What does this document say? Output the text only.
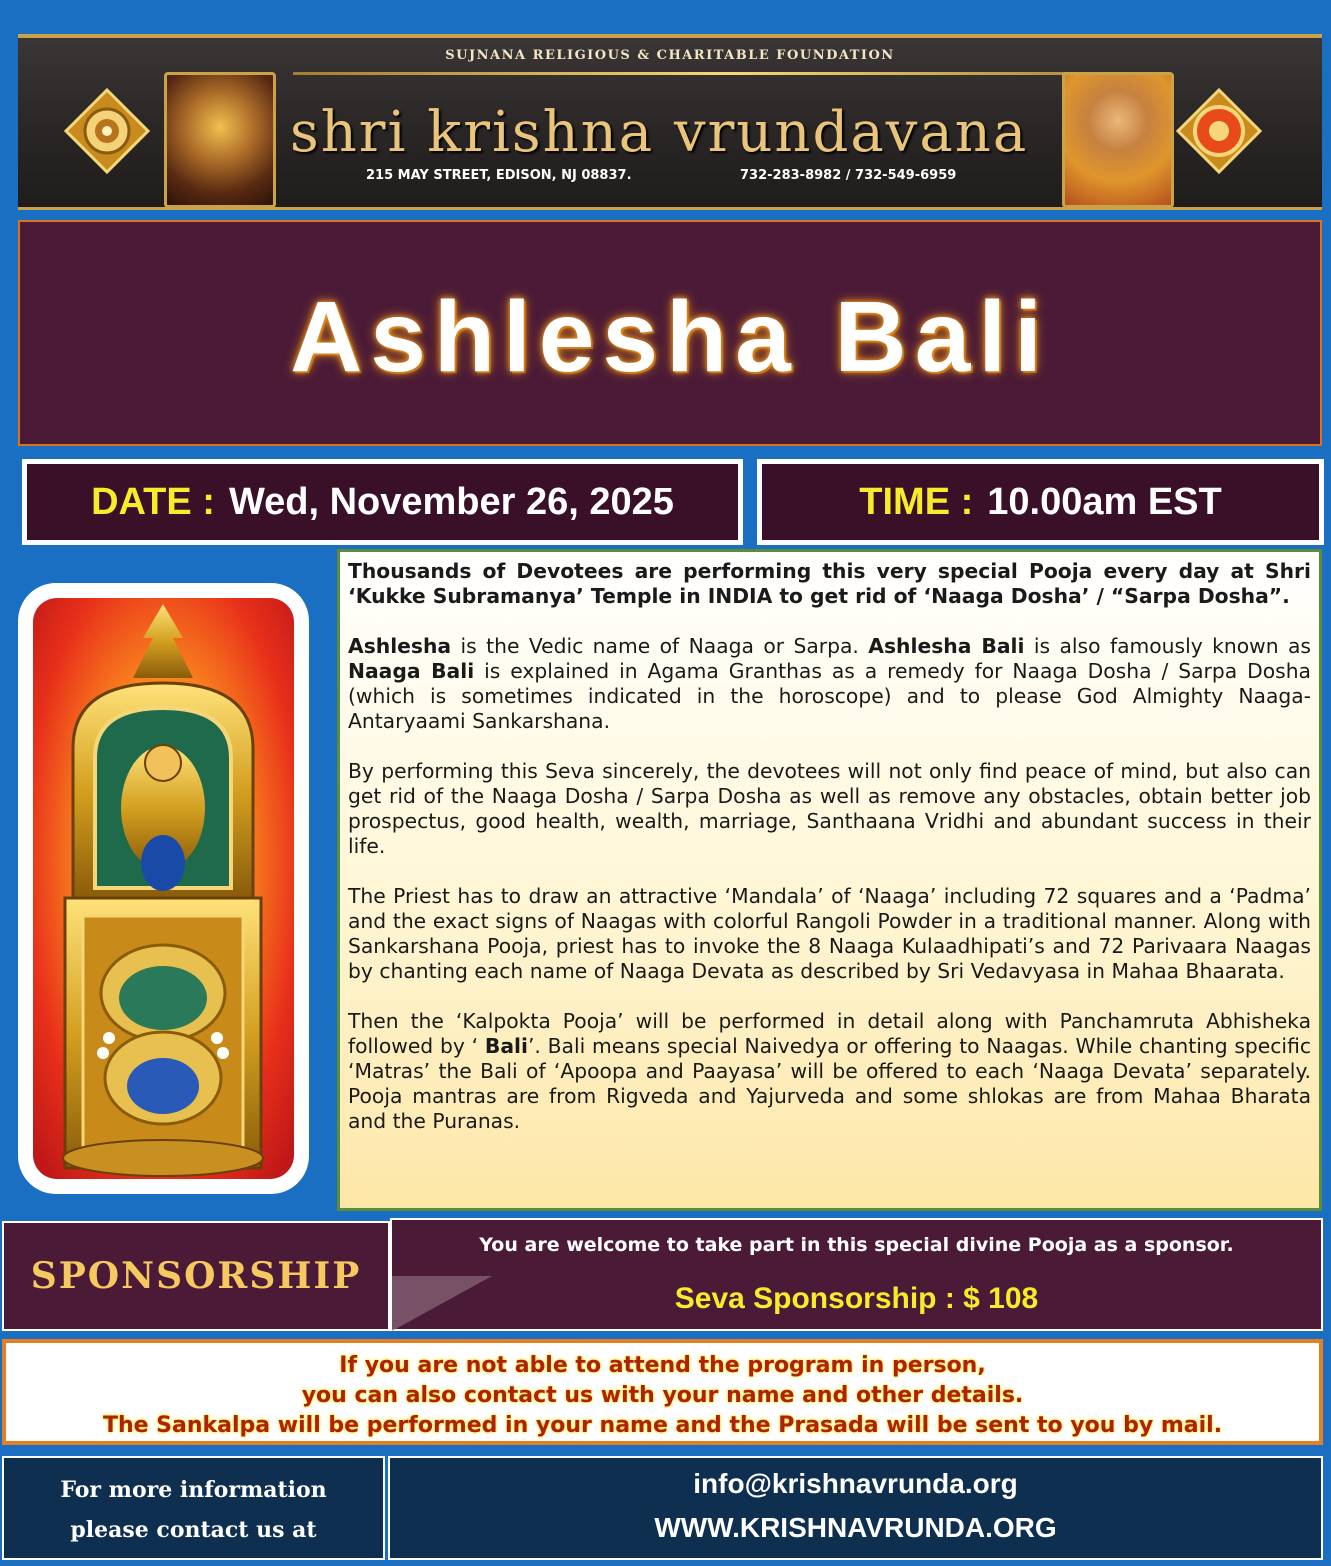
SUJNANA RELIGIOUS & CHARITABLE FOUNDATION
shri krishna vrundavana
215 MAY STREET, EDISON, NJ 08837.	732-283-8982 / 732-549-6959
Ashlesha Bali
DATE : Wed, November 26, 2025	TIME : 10.00am EST

Thousands of Devotees are performing this very special Pooja every day at Shri ‘Kukke Subramanya’ Temple in INDIA to get rid of ‘Naaga Dosha’ / “Sarpa Dosha”.

Ashlesha is the Vedic name of Naaga or Sarpa. Ashlesha Bali is also famously known as Naaga Bali is explained in Agama Granthas as a remedy for Naaga Dosha / Sarpa Dosha (which is sometimes indicated in the horoscope) and to please God Almighty Naaga-Antaryaami Sankarshana.

By performing this Seva sincerely, the devotees will not only find peace of mind, but also can get rid of the Naaga Dosha / Sarpa Dosha as well as remove any obstacles, obtain better job prospectus, good health, wealth, marriage, Santhaana Vridhi and abundant success in their life.

The Priest has to draw an attractive ‘Mandala’ of ‘Naaga’ including 72 squares and a ‘Padma’ and the exact signs of Naagas with colorful Rangoli Powder in a traditional manner. Along with Sankarshana Pooja, priest has to invoke the 8 Naaga Kulaadhipati’s and 72 Parivaara Naagas by chanting each name of Naaga Devata as described by Sri Vedavyasa in Mahaa Bhaarata.

Then the ‘Kalpokta Pooja’ will be performed in detail along with Panchamruta Abhisheka followed by ‘ Bali’. Bali means special Naivedya or offering to Naagas. While chanting specific ‘Matras’ the Bali of ‘Apoopa and Paayasa’ will be offered to each ‘Naaga Devata’ separately. Pooja mantras are from Rigveda and Yajurveda and some shlokas are from Mahaa Bharata and the Puranas.

SPONSORSHIP
You are welcome to take part in this special divine Pooja as a sponsor.
Seva Sponsorship : $ 108
If you are not able to attend the program in person,
you can also contact us with your name and other details.
The Sankalpa will be performed in your name and the Prasada will be sent to you by mail.
For more information
please contact us at
info@krishnavrunda.org
WWW.KRISHNAVRUNDA.ORG
